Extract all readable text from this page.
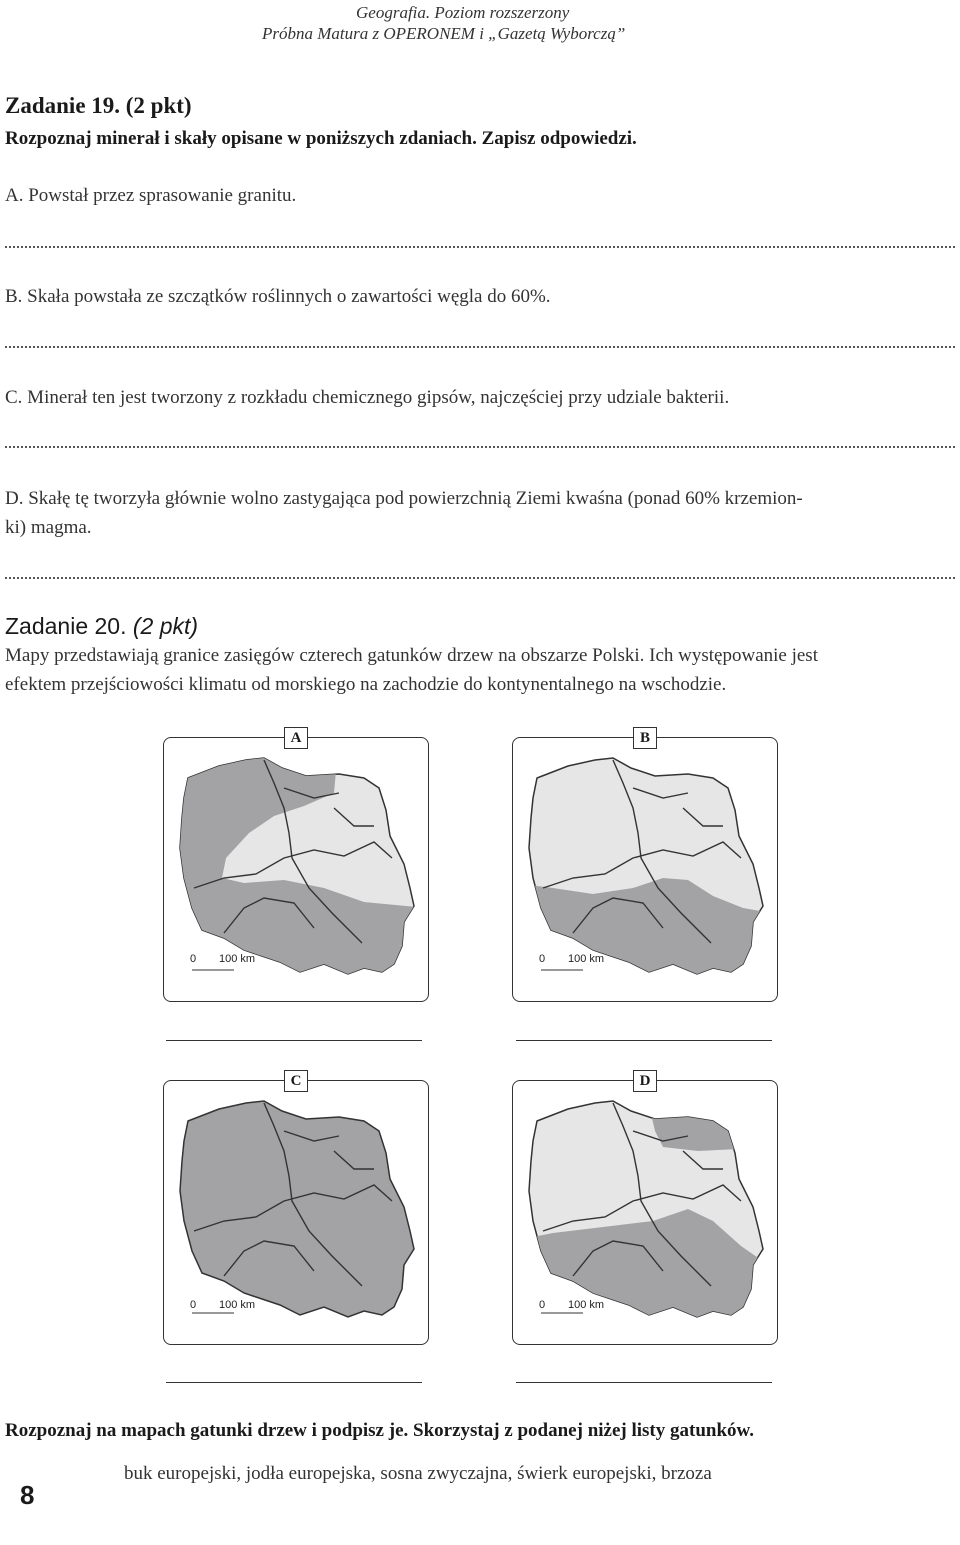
Geografia. Poziom rozszerzony
Próbna Matura z OPERONEM i „Gazetą Wyborczą”
Zadanie 19. (2 pkt)
Rozpoznaj minerał i skały opisane w poniższych zdaniach. Zapisz odpowiedzi.
A. Powstał przez sprasowanie granitu.
B. Skała powstała ze szczątków roślinnych o zawartości węgla do 60%.
C. Minerał ten jest tworzony z rozkładu chemicznego gipsów, najczęściej przy udziale bakterii.
D. Skałę tę tworzyła głównie wolno zastygająca pod powierzchnią Ziemi kwaśna (ponad 60% krzemion-
ki) magma.
Zadanie 20. (2 pkt)
Mapy przedstawiają granice zasięgów czterech gatunków drzew na obszarze Polski. Ich występowanie jest
efektem przejściowości klimatu od morskiego na zachodzie do kontynentalnego na wschodzie.
A
0 100 km
B
0 100 km
C
0 100 km
D
0 100 km
Rozpoznaj na mapach gatunki drzew i podpisz je. Skorzystaj z podanej niżej listy gatunków.
buk europejski, jodła europejska, sosna zwyczajna, świerk europejski, brzoza
8
